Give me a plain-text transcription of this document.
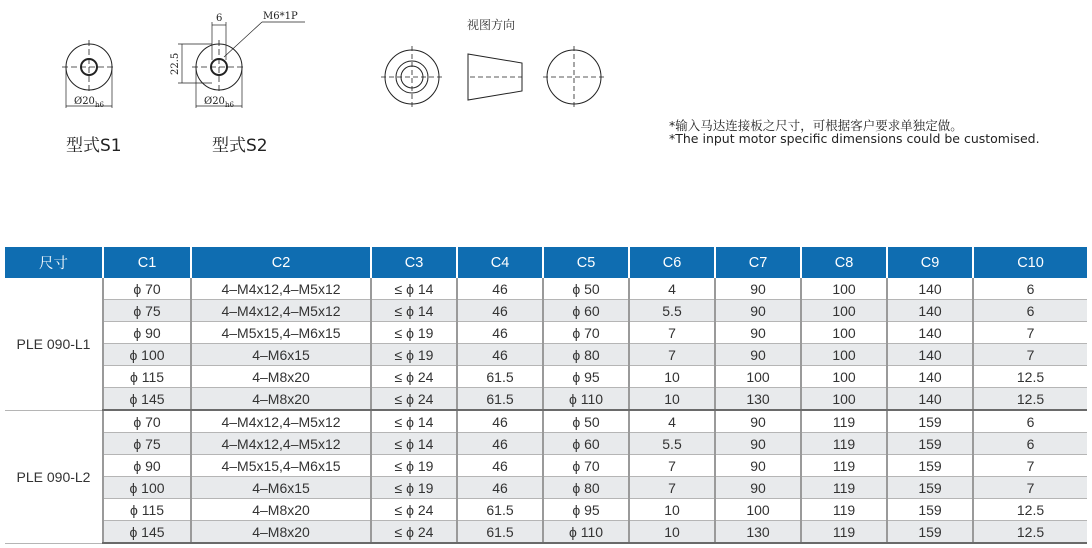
$Ø20_{h6}$	$Ø20_{h6}$
6	M6*1P
22.5
型式S1	型式S2
视图方向
*输入马达连接板之尺寸，可根据客户要求单独定做。
*The input motor specific dimensions could be customised.
尺寸	C1	C2	C3	C4	C5	C6	C7	C8	C9	C10
PLE 090-L1	ϕ 70	4–M4x12,4–M5x12	≤ ϕ 14	46	ϕ 50	4	90	100	140	6
	ϕ 75	4–M4x12,4–M5x12	≤ ϕ 14	46	ϕ 60	5.5	90	100	140	6
	ϕ 90	4–M5x15,4–M6x15	≤ ϕ 19	46	ϕ 70	7	90	100	140	7
	ϕ 100	4–M6x15	≤ ϕ 19	46	ϕ 80	7	90	100	140	7
	ϕ 115	4–M8x20	≤ ϕ 24	61.5	ϕ 95	10	100	100	140	12.5
	ϕ 145	4–M8x20	≤ ϕ 24	61.5	ϕ 110	10	130	100	140	12.5
PLE 090-L2	ϕ 70	4–M4x12,4–M5x12	≤ ϕ 14	46	ϕ 50	4	90	119	159	6
	ϕ 75	4–M4x12,4–M5x12	≤ ϕ 14	46	ϕ 60	5.5	90	119	159	6
	ϕ 90	4–M5x15,4–M6x15	≤ ϕ 19	46	ϕ 70	7	90	119	159	7
	ϕ 100	4–M6x15	≤ ϕ 19	46	ϕ 80	7	90	119	159	7
	ϕ 115	4–M8x20	≤ ϕ 24	61.5	ϕ 95	10	100	119	159	12.5
	ϕ 145	4–M8x20	≤ ϕ 24	61.5	ϕ 110	10	130	119	159	12.5
